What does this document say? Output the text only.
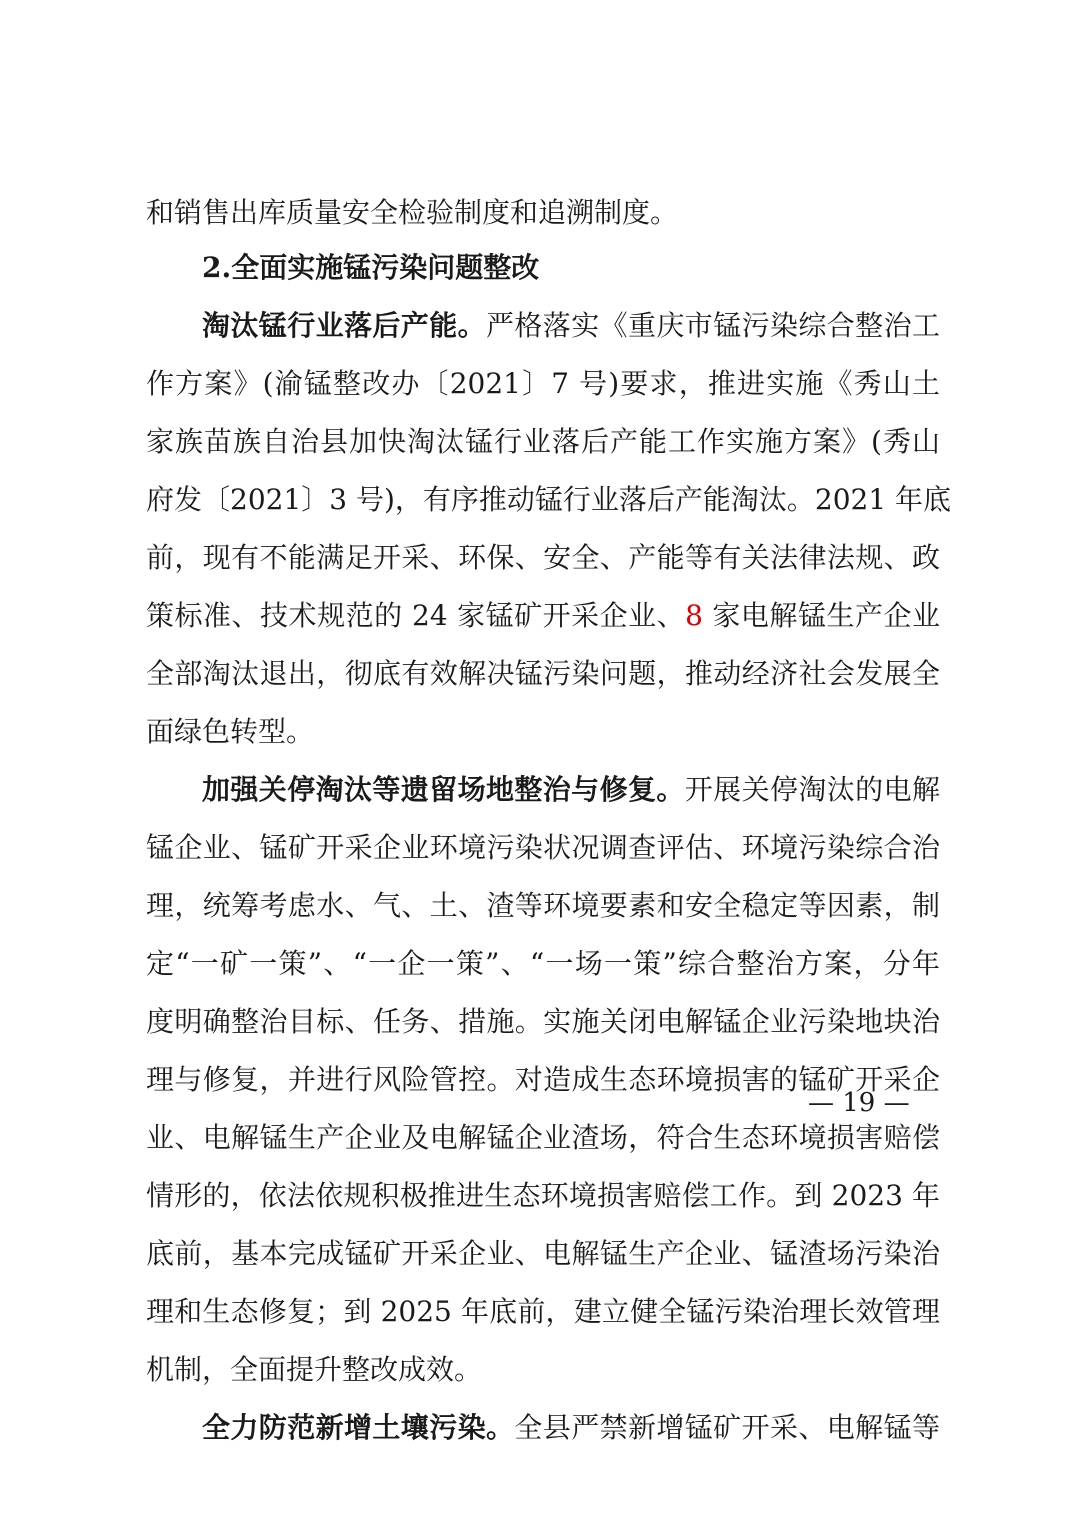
和销售出库质量安全检验制度和追溯制度。
2.全面实施锰污染问题整改
淘汰锰行业落后产能。严格落实《重庆市锰污染综合整治工
作方案》(渝锰整改办〔2021〕7 号)要求，推进实施《秀山土
家族苗族自治县加快淘汰锰行业落后产能工作实施方案》(秀山
府发〔2021〕3 号)，有序推动锰行业落后产能淘汰。2021 年底
前，现有不能满足开采、环保、安全、产能等有关法律法规、政
策标准、技术规范的 24 家锰矿开采企业、8 家电解锰生产企业
全部淘汰退出，彻底有效解决锰污染问题，推动经济社会发展全
面绿色转型。
加强关停淘汰等遗留场地整治与修复。开展关停淘汰的电解
锰企业、锰矿开采企业环境污染状况调查评估、环境污染综合治
理，统筹考虑水、气、土、渣等环境要素和安全稳定等因素，制
定“一矿一策”、“一企一策”、“一场一策”综合整治方案，分年
度明确整治目标、任务、措施。实施关闭电解锰企业污染地块治
理与修复，并进行风险管控。对造成生态环境损害的锰矿开采企
业、电解锰生产企业及电解锰企业渣场，符合生态环境损害赔偿
情形的，依法依规积极推进生态环境损害赔偿工作。到 2023 年
底前，基本完成锰矿开采企业、电解锰生产企业、锰渣场污染治
理和生态修复；到 2025 年底前，建立健全锰污染治理长效管理
机制，全面提升整改成效。
全力防范新增土壤污染。全县严禁新增锰矿开采、电解锰等
— 19 —
